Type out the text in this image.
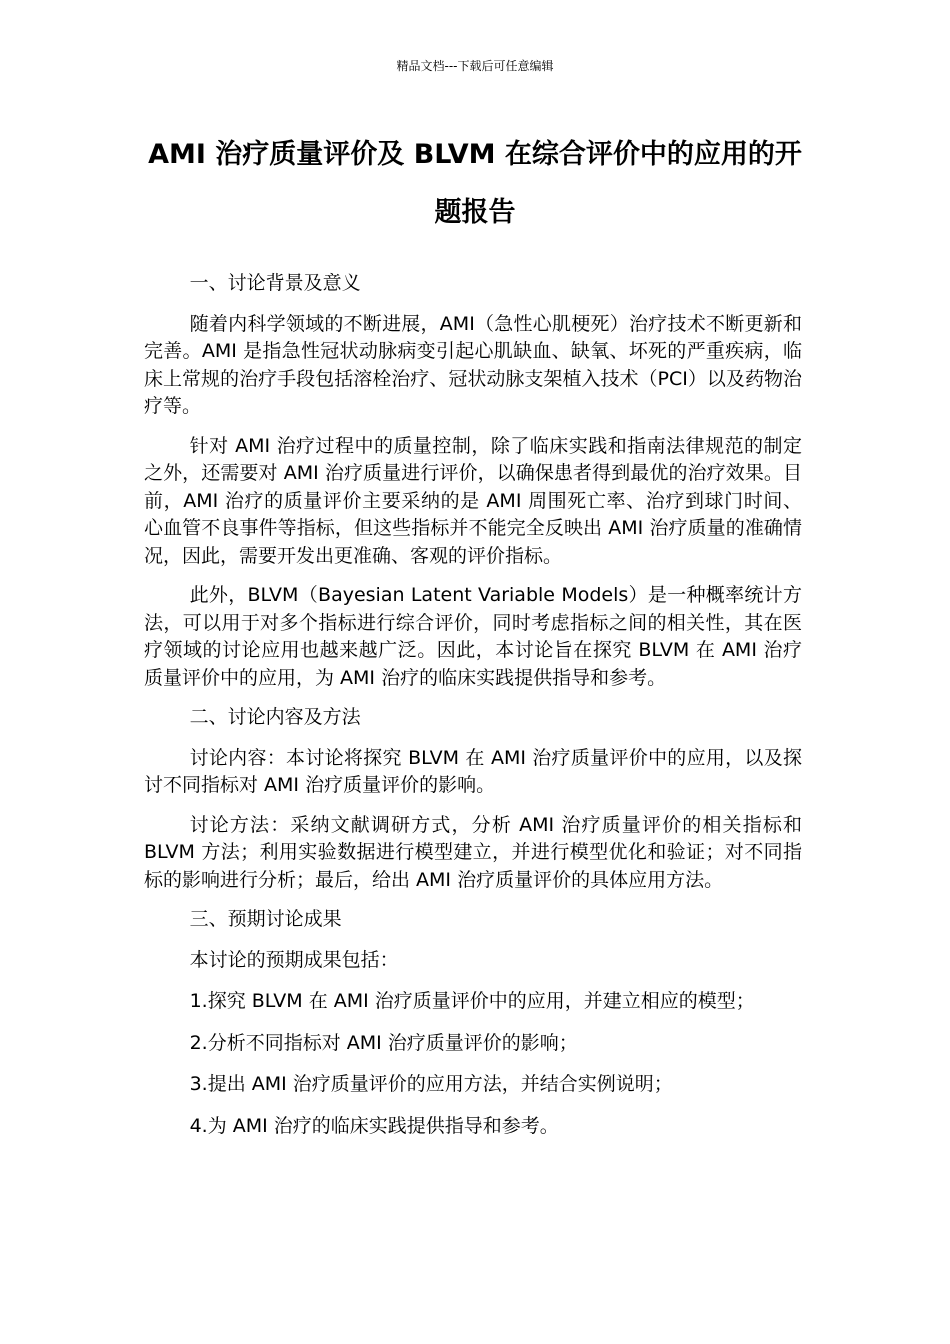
精品文档---下载后可任意编辑
AMI 治疗质量评价及 BLVM 在综合评价中的应用的开题报告

一、讨论背景及意义

随着内科学领域的不断进展，AMI（急性心肌梗死）治疗技术不断更新和完善。AMI 是指急性冠状动脉病变引起心肌缺血、缺氧、坏死的严重疾病，临床上常规的治疗手段包括溶栓治疗、冠状动脉支架植入技术（PCI）以及药物治疗等。

针对 AMI 治疗过程中的质量控制，除了临床实践和指南法律规范的制定之外，还需要对 AMI 治疗质量进行评价，以确保患者得到最优的治疗效果。目前，AMI 治疗的质量评价主要采纳的是 AMI 周围死亡率、治疗到球门时间、心血管不良事件等指标，但这些指标并不能完全反映出 AMI 治疗质量的准确情况，因此，需要开发出更准确、客观的评价指标。

此外，BLVM（Bayesian Latent Variable Models）是一种概率统计方法，可以用于对多个指标进行综合评价，同时考虑指标之间的相关性，其在医疗领域的讨论应用也越来越广泛。因此，本讨论旨在探究 BLVM 在 AMI 治疗质量评价中的应用，为 AMI 治疗的临床实践提供指导和参考。

二、讨论内容及方法

讨论内容：本讨论将探究 BLVM 在 AMI 治疗质量评价中的应用，以及探讨不同指标对 AMI 治疗质量评价的影响。

讨论方法：采纳文献调研方式，分析 AMI 治疗质量评价的相关指标和 BLVM 方法；利用实验数据进行模型建立，并进行模型优化和验证；对不同指标的影响进行分析；最后，给出 AMI 治疗质量评价的具体应用方法。

三、预期讨论成果

本讨论的预期成果包括：

1.探究 BLVM 在 AMI 治疗质量评价中的应用，并建立相应的模型；

2.分析不同指标对 AMI 治疗质量评价的影响；

3.提出 AMI 治疗质量评价的应用方法，并结合实例说明；

4.为 AMI 治疗的临床实践提供指导和参考。
